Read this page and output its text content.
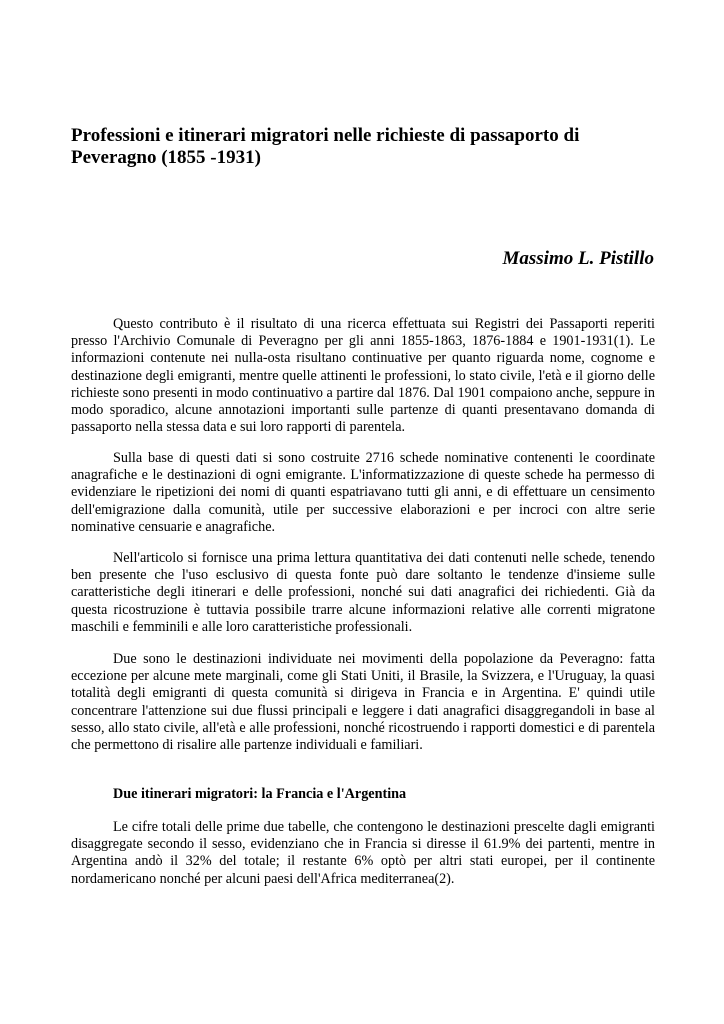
Professioni e itinerari migratori nelle richieste di passaporto di Peveragno (1855 -1931)

Massimo L. Pistillo

Questo contributo è il risultato di una ricerca effettuata sui Registri dei Passaporti reperiti presso l'Archivio Comunale di Peveragno per gli anni 1855-1863, 1876-1884 e 1901-1931(1). Le informazioni contenute nei nulla-osta risultano continuative per quanto riguarda nome, cognome e destinazione degli emigranti, mentre quelle attinenti le professioni, lo stato civile, l'età e il giorno delle richieste sono presenti in modo continuativo a partire dal 1876. Dal 1901 compaiono anche, seppure in modo sporadico, alcune annotazioni importanti sulle partenze di quanti presentavano domanda di passaporto nella stessa data e sui loro rapporti di parentela.

Sulla base di questi dati si sono costruite 2716 schede nominative contenenti le coordinate anagrafiche e le destinazioni di ogni emigrante. L'informatizzazione di queste schede ha permesso di evidenziare le ripetizioni dei nomi di quanti espatriavano tutti gli anni, e di effettuare un censimento dell'emigrazione dalla comunità, utile per successive elaborazioni e per incroci con altre serie nominative censuarie e anagrafiche.

Nell'articolo si fornisce una prima lettura quantitativa dei dati contenuti nelle schede, tenendo ben presente che l'uso esclusivo di questa fonte può dare soltanto le tendenze d'insieme sulle caratteristiche degli itinerari e delle professioni, nonché sui dati anagrafici dei richiedenti. Già da questa ricostruzione è tuttavia possibile trarre alcune informazioni relative alle correnti migratone maschili e femminili e alle loro caratteristiche professionali.

Due sono le destinazioni individuate nei movimenti della popolazione da Peveragno: fatta eccezione per alcune mete marginali, come gli Stati Uniti, il Brasile, la Svizzera, e l'Uruguay, la quasi totalità degli emigranti di questa comunità si dirigeva in Francia e in Argentina. E' quindi utile concentrare l'attenzione sui due flussi principali e leggere i dati anagrafici disaggregandoli in base al sesso, allo stato civile, all'età e alle professioni, nonché ricostruendo i rapporti domestici e di parentela che permettono di risalire alle partenze individuali e familiari.

Due itinerari migratori: la Francia e l'Argentina

Le cifre totali delle prime due tabelle, che contengono le destinazioni prescelte dagli emigranti disaggregate secondo il sesso, evidenziano che in Francia si diresse il 61.9% dei partenti, mentre in Argentina andò il 32% del totale; il restante 6% optò per altri stati europei, per il continente nordamericano nonché per alcuni paesi dell'Africa mediterranea(2).
